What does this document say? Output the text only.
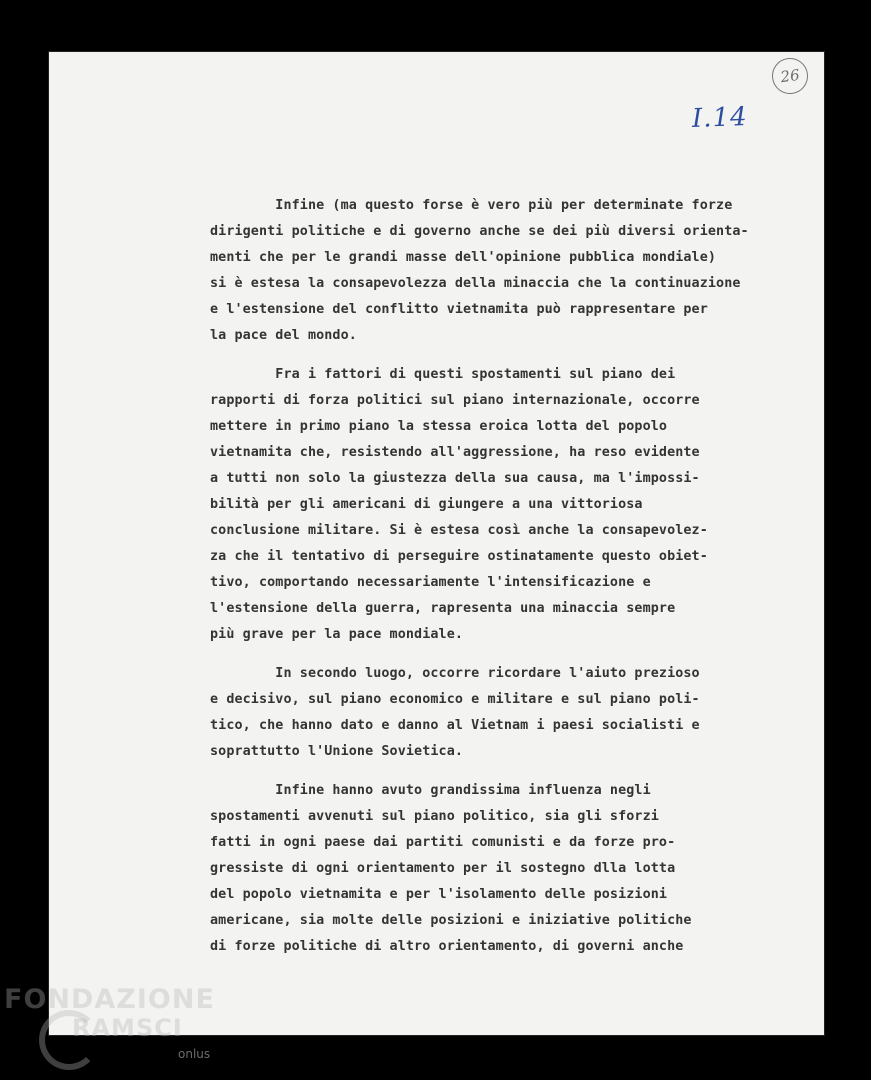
26
I.14
Infine (ma questo forse è vero più per determinate forze
dirigenti politiche e di governo anche se dei più diversi orienta-
menti che per le grandi masse dell'opinione pubblica mondiale)
si è estesa la consapevolezza della minaccia che la continuazione
e l'estensione del conflitto vietnamita può rappresentare per
la pace del mondo.
Fra i fattori di questi spostamenti sul piano dei
rapporti di forza politici sul piano internazionale, occorre
mettere in primo piano la stessa eroica lotta del popolo
vietnamita che, resistendo all'aggressione, ha reso evidente
a tutti non solo la giustezza della sua causa, ma l'impossi-
bilità per gli americani di giungere a una vittoriosa
conclusione militare. Si è estesa così anche la consapevolez-
za che il tentativo di perseguire ostinatamente questo obiet-
tivo, comportando necessariamente l'intensificazione e
l'estensione della guerra, rapresenta una minaccia sempre
più grave per la pace mondiale.
In secondo luogo, occorre ricordare l'aiuto prezioso
e decisivo, sul piano economico e militare e sul piano poli-
tico, che hanno dato e danno al Vietnam i paesi socialisti e
soprattutto l'Unione Sovietica.
Infine hanno avuto grandissima influenza negli
spostamenti avvenuti sul piano politico, sia gli sforzi
fatti in ogni paese dai partiti comunisti e da forze pro-
gressiste di ogni orientamento per il sostegno dlla lotta
del popolo vietnamita e per l'isolamento delle posizioni
americane, sia molte delle posizioni e iniziative politiche
di forze politiche di altro orientamento, di governi anche
FONDAZIONE
RAMSCI
onlus
